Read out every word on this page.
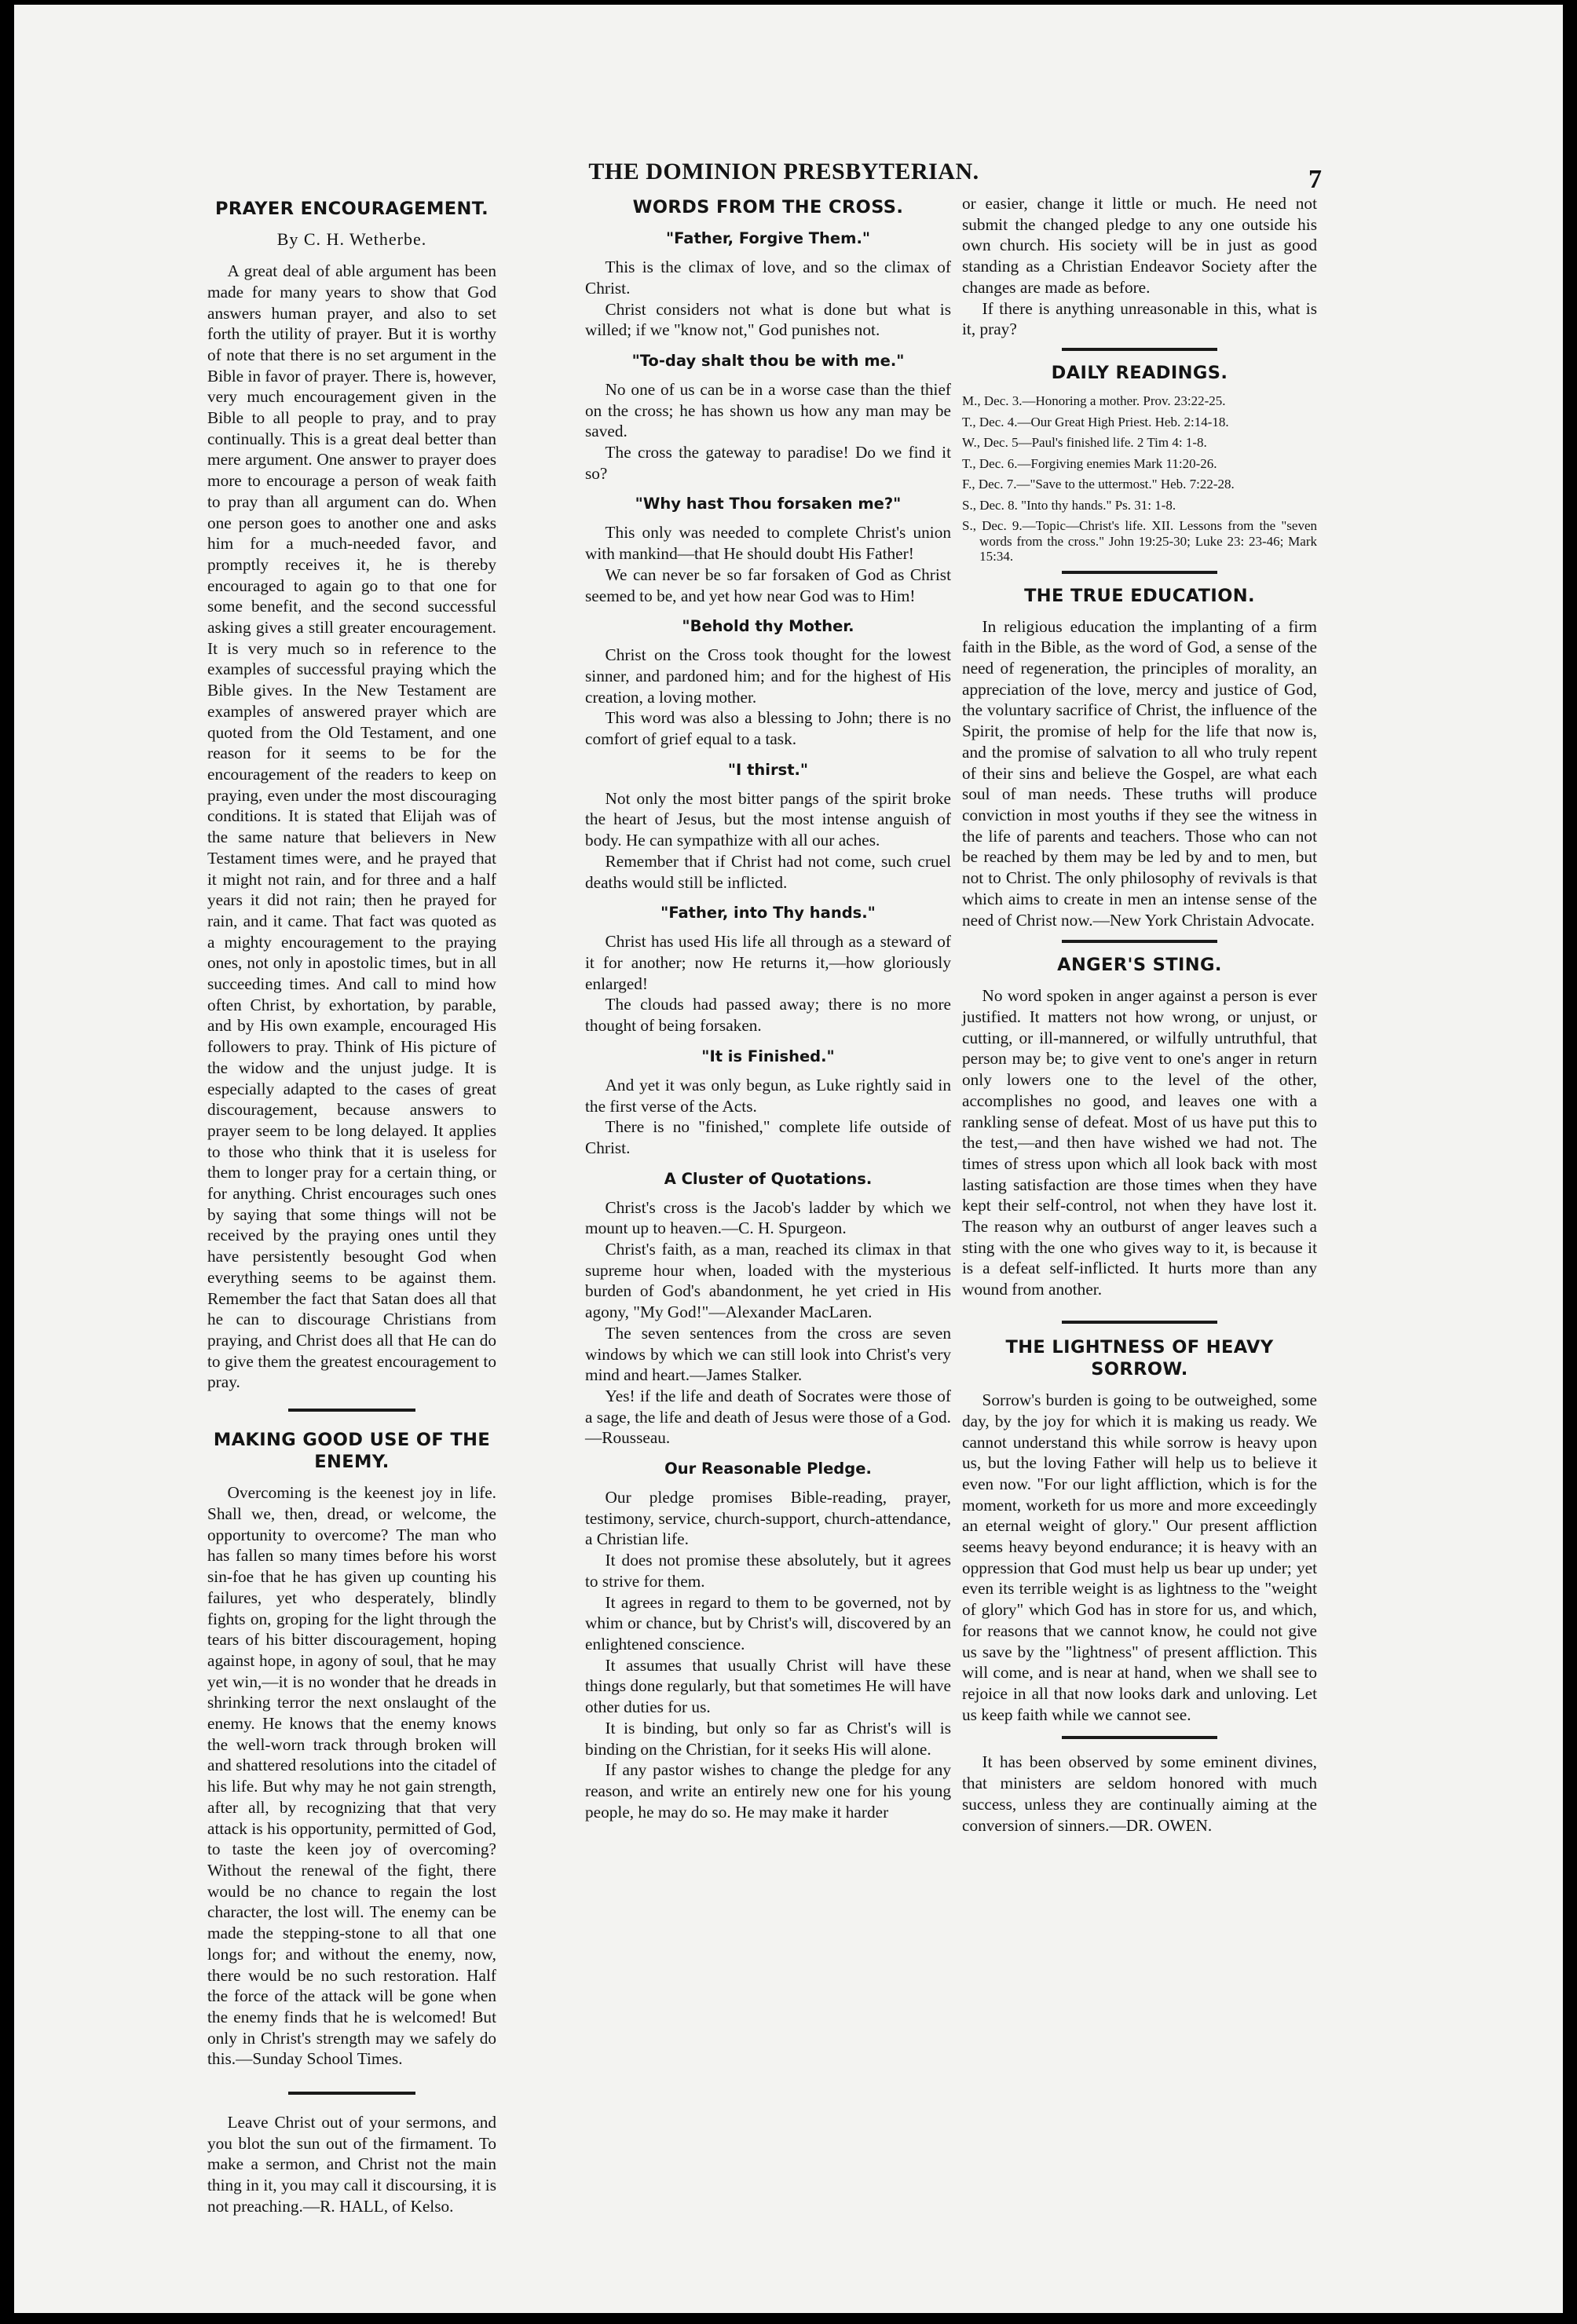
THE DOMINION PRESBYTERIAN.	7
PRAYER ENCOURAGEMENT.
By C. H. Wetherbe.

A great deal of able argument has been made for many years to show that God answers human prayer, and also to set forth the utility of prayer. But it is worthy of note that there is no set argument in the Bible in favor of prayer. There is, however, very much encouragement given in the Bible to all people to pray, and to pray continually. This is a great deal better than mere argument. One answer to prayer does more to encourage a person of weak faith to pray than all argument can do. When one person goes to another one and asks him for a much-needed favor, and promptly receives it, he is thereby encouraged to again go to that one for some benefit, and the second successful asking gives a still greater encouragement. It is very much so in reference to the examples of successful praying which the Bible gives. In the New Testament are examples of answered prayer which are quoted from the Old Testament, and one reason for it seems to be for the encouragement of the readers to keep on praying, even under the most discouraging conditions. It is stated that Elijah was of the same nature that believers in New Testament times were, and he prayed that it might not rain, and for three and a half years it did not rain; then he prayed for rain, and it came. That fact was quoted as a mighty encouragement to the praying ones, not only in apostolic times, but in all succeeding times. And call to mind how often Christ, by exhortation, by parable, and by His own example, encouraged His followers to pray. Think of His picture of the widow and the unjust judge. It is especially adapted to the cases of great discouragement, because answers to prayer seem to be long delayed. It applies to those who think that it is useless for them to longer pray for a certain thing, or for anything. Christ encourages such ones by saying that some things will not be received by the praying ones until they have persistently besought God when everything seems to be against them. Remember the fact that Satan does all that he can to discourage Christians from praying, and Christ does all that He can do to give them the greatest encouragement to pray.

MAKING GOOD USE OF THE ENEMY.

Overcoming is the keenest joy in life. Shall we, then, dread, or welcome, the opportunity to overcome? The man who has fallen so many times before his worst sin-foe that he has given up counting his failures, yet who desperately, blindly fights on, groping for the light through the tears of his bitter discouragement, hoping against hope, in agony of soul, that he may yet win,—it is no wonder that he dreads in shrinking terror the next onslaught of the enemy. He knows that the enemy knows the well-worn track through broken will and shattered resolutions into the citadel of his life. But why may he not gain strength, after all, by recognizing that that very attack is his opportunity, permitted of God, to taste the keen joy of overcoming? Without the renewal of the fight, there would be no chance to regain the lost character, the lost will. The enemy can be made the stepping-stone to all that one longs for; and without the enemy, now, there would be no such restoration. Half the force of the attack will be gone when the enemy finds that he is welcomed! But only in Christ's strength may we safely do this.—Sunday School Times.

Leave Christ out of your sermons, and you blot the sun out of the firmament. To make a sermon, and Christ not the main thing in it, you may call it discoursing, it is not preaching.—R. HALL, of Kelso.

WORDS FROM THE CROSS.
"Father, Forgive Them."

This is the climax of love, and so the climax of Christ.

Christ considers not what is done but what is willed; if we "know not," God punishes not.

"To-day shalt thou be with me."

No one of us can be in a worse case than the thief on the cross; he has shown us how any man may be saved.

The cross the gateway to paradise! Do we find it so?

"Why hast Thou forsaken me?"

This only was needed to complete Christ's union with mankind—that He should doubt His Father!

We can never be so far forsaken of God as Christ seemed to be, and yet how near God was to Him!

"Behold thy Mother.

Christ on the Cross took thought for the lowest sinner, and pardoned him; and for the highest of His creation, a loving mother.

This word was also a blessing to John; there is no comfort of grief equal to a task.

"I thirst."

Not only the most bitter pangs of the spirit broke the heart of Jesus, but the most intense anguish of body. He can sympathize with all our aches.

Remember that if Christ had not come, such cruel deaths would still be inflicted.

"Father, into Thy hands."

Christ has used His life all through as a steward of it for another; now He returns it,—how gloriously enlarged!

The clouds had passed away; there is no more thought of being forsaken.

"It is Finished."

And yet it was only begun, as Luke rightly said in the first verse of the Acts.

There is no "finished," complete life outside of Christ.

A Cluster of Quotations.

Christ's cross is the Jacob's ladder by which we mount up to heaven.—C. H. Spurgeon.

Christ's faith, as a man, reached its climax in that supreme hour when, loaded with the mysterious burden of God's abandonment, he yet cried in His agony, "My God!"—Alexander MacLaren.

The seven sentences from the cross are seven windows by which we can still look into Christ's very mind and heart.—James Stalker.

Yes! if the life and death of Socrates were those of a sage, the life and death of Jesus were those of a God.—Rousseau.

Our Reasonable Pledge.

Our pledge promises Bible-reading, prayer, testimony, service, church-support, church-attendance, a Christian life.

It does not promise these absolutely, but it agrees to strive for them.

It agrees in regard to them to be governed, not by whim or chance, but by Christ's will, discovered by an enlightened conscience.

It assumes that usually Christ will have these things done regularly, but that sometimes He will have other duties for us.

It is binding, but only so far as Christ's will is binding on the Christian, for it seeks His will alone.

If any pastor wishes to change the pledge for any reason, and write an entirely new one for his young people, he may do so. He may make it harder

or easier, change it little or much. He need not submit the changed pledge to any one outside his own church. His society will be in just as good standing as a Christian Endeavor Society after the changes are made as before.

If there is anything unreasonable in this, what is it, pray?

DAILY READINGS.
M., Dec. 3.—Honoring a mother. Prov. 23:22-25.
T., Dec. 4.—Our Great High Priest. Heb. 2:14-18.
W., Dec. 5—Paul's finished life. 2 Tim 4: 1-8.
T., Dec. 6.—Forgiving enemies Mark 11:20-26.
F., Dec. 7.—"Save to the uttermost." Heb. 7:22-28.
S., Dec. 8. "Into thy hands." Ps. 31: 1-8.
S., Dec. 9.—Topic—Christ's life. XII. Lessons from the "seven words from the cross." John 19:25-30; Luke 23: 23-46; Mark 15:34.
THE TRUE EDUCATION.

In religious education the implanting of a firm faith in the Bible, as the word of God, a sense of the need of regeneration, the principles of morality, an appreciation of the love, mercy and justice of God, the voluntary sacrifice of Christ, the influence of the Spirit, the promise of help for the life that now is, and the promise of salvation to all who truly repent of their sins and believe the Gospel, are what each soul of man needs. These truths will produce conviction in most youths if they see the witness in the life of parents and teachers. Those who can not be reached by them may be led by and to men, but not to Christ. The only philosophy of revivals is that which aims to create in men an intense sense of the need of Christ now.—New York Christain Advocate.

ANGER'S STING.

No word spoken in anger against a person is ever justified. It matters not how wrong, or unjust, or cutting, or ill-mannered, or wilfully untruthful, that person may be; to give vent to one's anger in return only lowers one to the level of the other, accomplishes no good, and leaves one with a rankling sense of defeat. Most of us have put this to the test,—and then have wished we had not. The times of stress upon which all look back with most lasting satisfaction are those times when they have kept their self-control, not when they have lost it. The reason why an outburst of anger leaves such a sting with the one who gives way to it, is because it is a defeat self-inflicted. It hurts more than any wound from another.

THE LIGHTNESS OF HEAVY SORROW.

Sorrow's burden is going to be outweighed, some day, by the joy for which it is making us ready. We cannot understand this while sorrow is heavy upon us, but the loving Father will help us to believe it even now. "For our light affliction, which is for the moment, worketh for us more and more exceedingly an eternal weight of glory." Our present affliction seems heavy beyond endurance; it is heavy with an oppression that God must help us bear up under; yet even its terrible weight is as lightness to the "weight of glory" which God has in store for us, and which, for reasons that we cannot know, he could not give us save by the "lightness" of present affliction. This will come, and is near at hand, when we shall see to rejoice in all that now looks dark and unloving. Let us keep faith while we cannot see.

It has been observed by some eminent divines, that ministers are seldom honored with much success, unless they are continually aiming at the conversion of sinners.—DR. OWEN.
